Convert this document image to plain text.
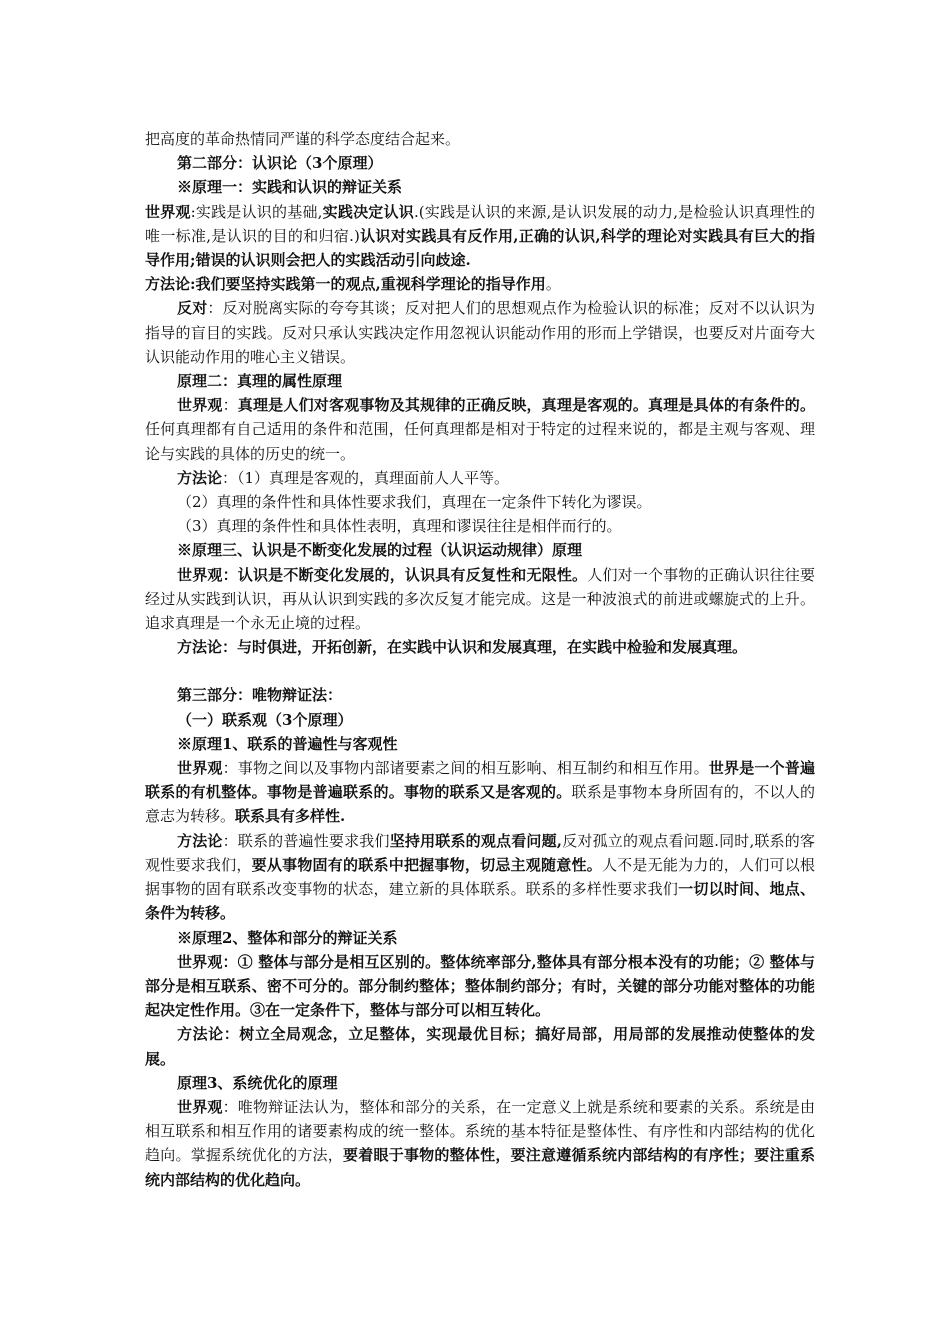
把高度的革命热情同严谨的科学态度结合起来。

第二部分：认识论（3个原理）

※原理一：实践和认识的辩证关系

世界观:实践是认识的基础,实践决定认识.(实践是认识的来源,是认识发展的动力,是检验认识真理性的唯一标准,是认识的目的和归宿.)认识对实践具有反作用,正确的认识,科学的理论对实践具有巨大的指导作用;错误的认识则会把人的实践活动引向歧途.

方法论:我们要坚持实践第一的观点,重视科学理论的指导作用。

反对：反对脱离实际的夸夸其谈；反对把人们的思想观点作为检验认识的标准；反对不以认识为指导的盲目的实践。反对只承认实践决定作用忽视认识能动作用的形而上学错误，也要反对片面夸大认识能动作用的唯心主义错误。

原理二：真理的属性原理

世界观：真理是人们对客观事物及其规律的正确反映，真理是客观的。真理是具体的有条件的。任何真理都有自己适用的条件和范围，任何真理都是相对于特定的过程来说的，都是主观与客观、理论与实践的具体的历史的统一。

方法论：（1）真理是客观的，真理面前人人平等。

（2）真理的条件性和具体性要求我们，真理在一定条件下转化为谬误。

（3）真理的条件性和具体性表明，真理和谬误往往是相伴而行的。

※原理三、认识是不断变化发展的过程（认识运动规律）原理

世界观：认识是不断变化发展的，认识具有反复性和无限性。人们对一个事物的正确认识往往要经过从实践到认识，再从认识到实践的多次反复才能完成。这是一种波浪式的前进或螺旋式的上升。追求真理是一个永无止境的过程。

方法论：与时俱进，开拓创新，在实践中认识和发展真理，在实践中检验和发展真理。

第三部分：唯物辩证法：

（一）联系观（3个原理）

※原理1、联系的普遍性与客观性

世界观：事物之间以及事物内部诸要素之间的相互影响、相互制约和相互作用。世界是一个普遍联系的有机整体。事物是普遍联系的。事物的联系又是客观的。联系是事物本身所固有的，不以人的意志为转移。联系具有多样性.

方法论：联系的普遍性要求我们坚持用联系的观点看问题,反对孤立的观点看问题.同时,联系的客观性要求我们，要从事物固有的联系中把握事物，切忌主观随意性。人不是无能为力的，人们可以根据事物的固有联系改变事物的状态，建立新的具体联系。联系的多样性要求我们一切以时间、地点、条件为转移。

※原理2、整体和部分的辩证关系

世界观：① 整体与部分是相互区别的。整体统率部分,整体具有部分根本没有的功能；② 整体与部分是相互联系、密不可分的。部分制约整体；整体制约部分；有时，关键的部分功能对整体的功能起决定性作用。③在一定条件下，整体与部分可以相互转化。

方法论：树立全局观念，立足整体，实现最优目标；搞好局部，用局部的发展推动使整体的发展。

原理3、系统优化的原理

世界观：唯物辩证法认为，整体和部分的关系，在一定意义上就是系统和要素的关系。系统是由相互联系和相互作用的诸要素构成的统一整体。系统的基本特征是整体性、有序性和内部结构的优化趋向。掌握系统优化的方法，要着眼于事物的整体性，要注意遵循系统内部结构的有序性；要注重系统内部结构的优化趋向。
